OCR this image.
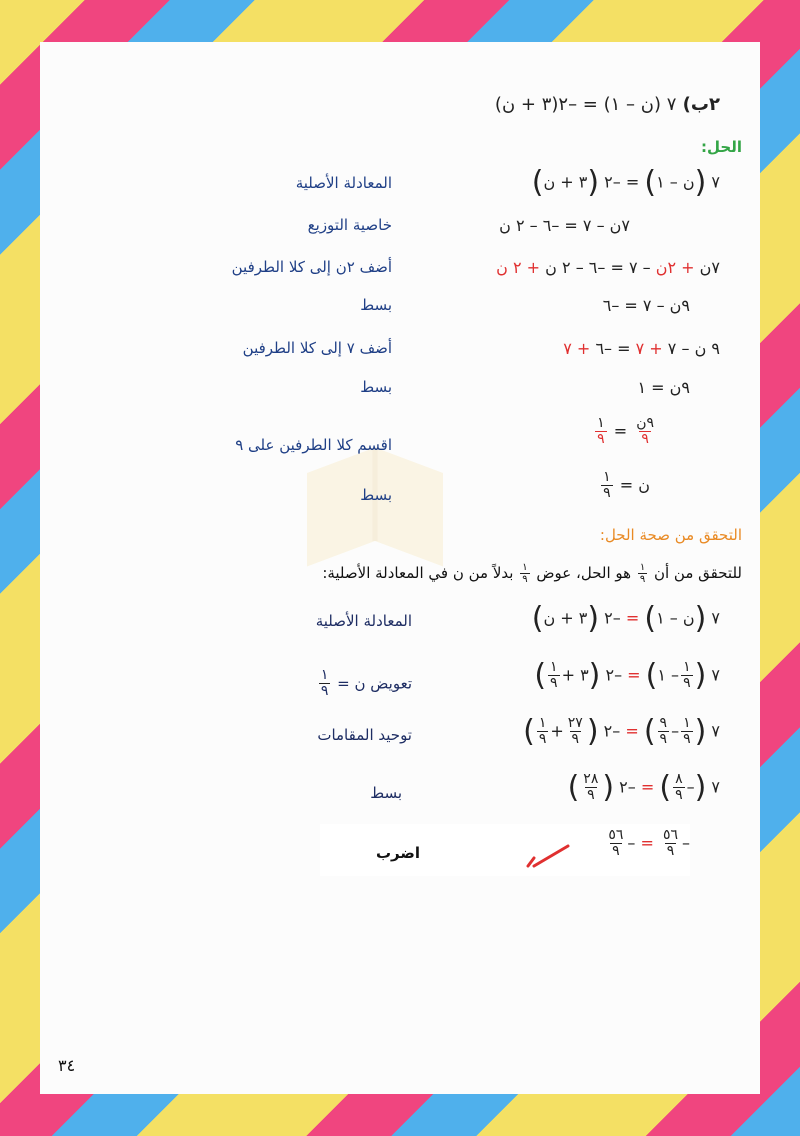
٢ب) ٧ (ن – ١) = –٢(٣ + ن)
الحل:
٧ (ن – ١) = –٢ (٣ + ن)
المعادلة الأصلية
٧ن – ٧ = –٦ – ٢ ن
خاصية التوزيع
٧ن + ٢ن – ٧ = –٦ – ٢ ن + ٢ ن
أضف ٢ن إلى كلا الطرفين
٩ن – ٧ = –٦
بسط
٩ ن – ٧ + ٧ = –٦ + ٧
أضف ٧ إلى كلا الطرفين
٩ن = ١
بسط
$\frac{\text{٩ن}}{٩}$
=
$\frac{١}{٩}$
اقسم كلا الطرفين على ٩
ن =
$\frac{١}{٩}$
بسط
التحقق من صحة الحل:
للتحقق من أن
$\frac{١}{٩}$
هو الحل، عوض
$\frac{١}{٩}$
بدلاً من ن في المعادلة الأصلية:
٧ (ن – ١) = –٢ (٣ + ن)
المعادلة الأصلية
٧ (
$\frac{١}{٩}$
– ١) = –٢ (٣ +
$\frac{١}{٩}$
)
تعويض ن =
$\frac{١}{٩}$
٧ (
$\frac{١}{٩}$
–
$\frac{٩}{٩}$
) = –٢ (
$\frac{٢٧}{٩}$
+
$\frac{١}{٩}$
)
توحيد المقامات
٧ (–
$\frac{٨}{٩}$
) = –٢ (
$\frac{٢٨}{٩}$
)
بسط
–
$\frac{٥٦}{٩}$
= –
$\frac{٥٦}{٩}$
اضرب
٣٤
